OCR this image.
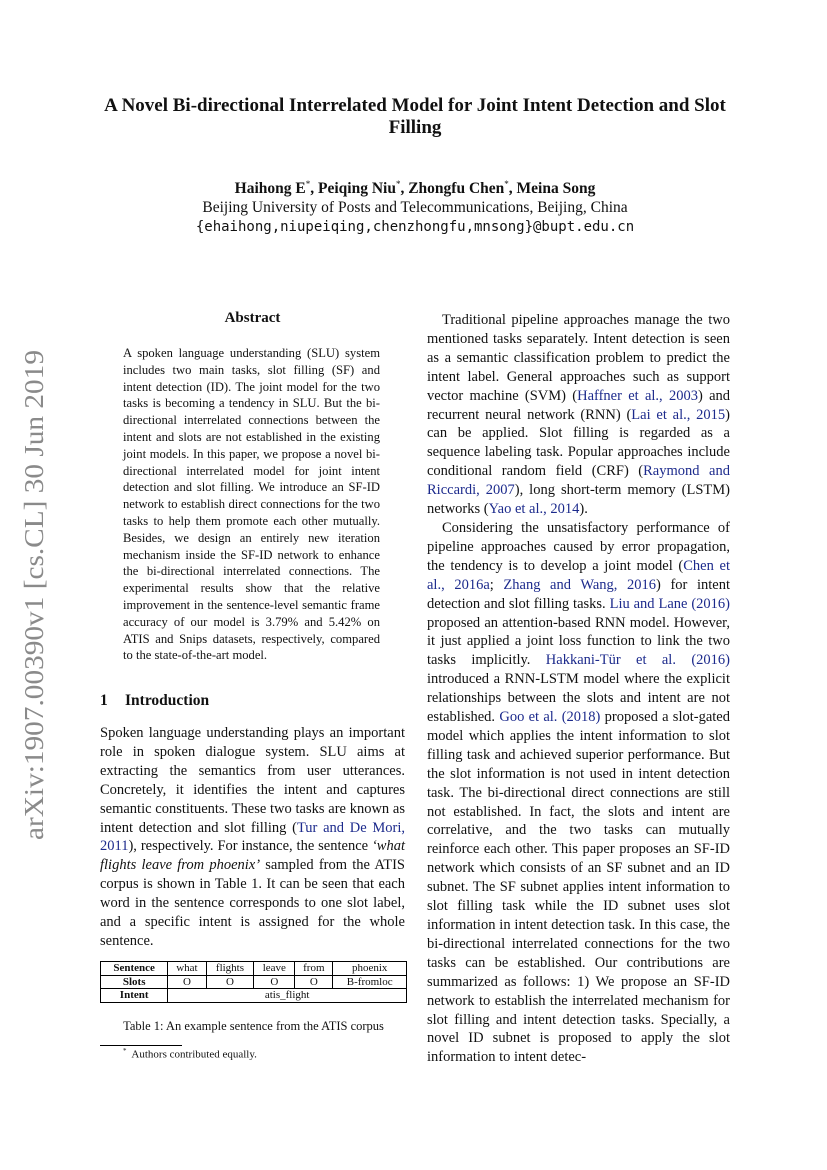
arXiv:1907.00390v1 [cs.CL] 30 Jun 2019
A Novel Bi-directional Interrelated Model for Joint Intent Detection and Slot Filling
Haihong E*, Peiqing Niu*, Zhongfu Chen*, Meina Song
Beijing University of Posts and Telecommunications, Beijing, China
{ehaihong,niupeiqing,chenzhongfu,mnsong}@bupt.edu.cn
Abstract
A spoken language understanding (SLU) system includes two main tasks, slot filling (SF) and intent detection (ID). The joint model for the two tasks is becoming a tendency in SLU. But the bi-directional interrelated connections between the intent and slots are not established in the existing joint models. In this paper, we propose a novel bi-directional interrelated model for joint intent detection and slot filling. We introduce an SF-ID network to establish direct connections for the two tasks to help them promote each other mutually. Besides, we design an entirely new iteration mechanism inside the SF-ID network to enhance the bi-directional interrelated connections. The experimental results show that the relative improvement in the sentence-level semantic frame accuracy of our model is 3.79% and 5.42% on ATIS and Snips datasets, respectively, compared to the state-of-the-art model.
1 Introduction
Spoken language understanding plays an important role in spoken dialogue system. SLU aims at extracting the semantics from user utterances. Concretely, it identifies the intent and captures semantic constituents. These two tasks are known as intent detection and slot filling (Tur and De Mori, 2011), respectively. For instance, the sentence ‘what flights leave from phoenix’ sampled from the ATIS corpus is shown in Table 1. It can be seen that each word in the sentence corresponds to one slot label, and a specific intent is assigned for the whole sentence.
Sentence	what	flights	leave	from	phoenix
Slots	O	O	O	O	B-fromloc
Intent	atis_flight				
Table 1: An example sentence from the ATIS corpus
* Authors contributed equally.

Traditional pipeline approaches manage the two mentioned tasks separately. Intent detection is seen as a semantic classification problem to predict the intent label. General approaches such as support vector machine (SVM) (Haffner et al., 2003) and recurrent neural network (RNN) (Lai et al., 2015) can be applied. Slot filling is regarded as a sequence labeling task. Popular approaches include conditional random field (CRF) (Raymond and Riccardi, 2007), long short-term memory (LSTM) networks (Yao et al., 2014).

Considering the unsatisfactory performance of pipeline approaches caused by error propagation, the tendency is to develop a joint model (Chen et al., 2016a; Zhang and Wang, 2016) for intent detection and slot filling tasks. Liu and Lane (2016) proposed an attention-based RNN model. However, it just applied a joint loss function to link the two tasks implicitly. Hakkani-Tür et al. (2016) introduced a RNN-LSTM model where the explicit relationships between the slots and intent are not established. Goo et al. (2018) proposed a slot-gated model which applies the intent information to slot filling task and achieved superior performance. But the slot information is not used in intent detection task. The bi-directional direct connections are still not established. In fact, the slots and intent are correlative, and the two tasks can mutually reinforce each other. This paper proposes an SF-ID network which consists of an SF subnet and an ID subnet. The SF subnet applies intent information to slot filling task while the ID subnet uses slot information in intent detection task. In this case, the bi-directional interrelated connections for the two tasks can be established. Our contributions are summarized as follows: 1) We propose an SF-ID network to establish the interrelated mechanism for slot filling and intent detection tasks. Specially, a novel ID subnet is proposed to apply the slot information to intent detec-
